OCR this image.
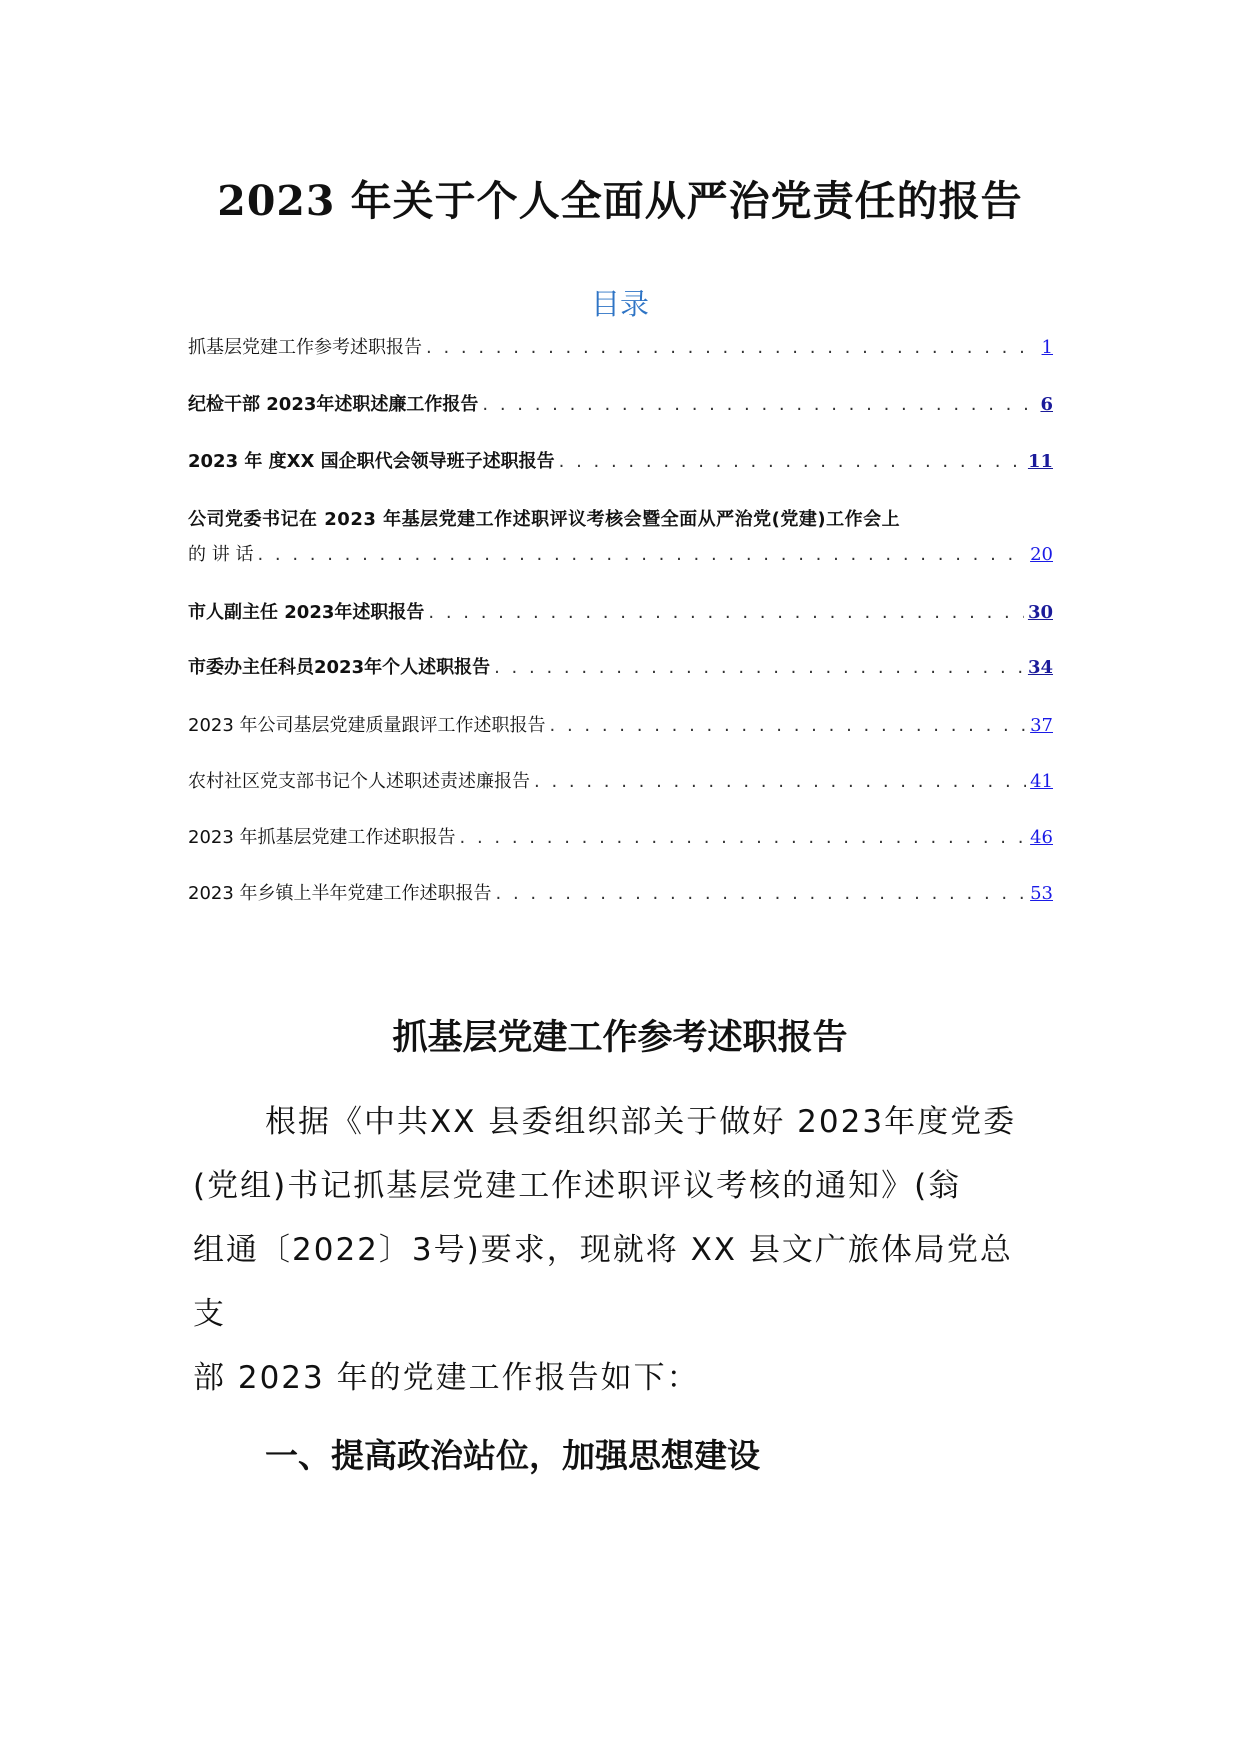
2023 年关于个人全面从严治党责任的报告
目录
抓基层党建工作参考述职报告 . . .	1
纪检干部 2023年述职述廉工作报告 . . .	6
2023 年 度XX 国企职代会领导班子述职报告 . . .	11
公司党委书记在 2023 年基层党建工作述职评议考核会暨全面从严治党(党建)工作会上
的 讲 话 . . .	20
市人副主任 2023年述职报告 . . .	30
市委办主任科员2023年个人述职报告 . . .	34
2023 年公司基层党建质量跟评工作述职报告 . . .	37
农村社区党支部书记个人述职述责述廉报告 . . .	41
2023 年抓基层党建工作述职报告 . . .	46
2023 年乡镇上半年党建工作述职报告 . . .	53
抓基层党建工作参考述职报告
根据《中共XX 县委组织部关于做好 2023年度党委
(党组)书记抓基层党建工作述职评议考核的通知》(翁
组通〔2022〕3号)要求，现就将 XX 县文广旅体局党总
支
部 2023 年的党建工作报告如下：
一、提高政治站位，加强思想建设
